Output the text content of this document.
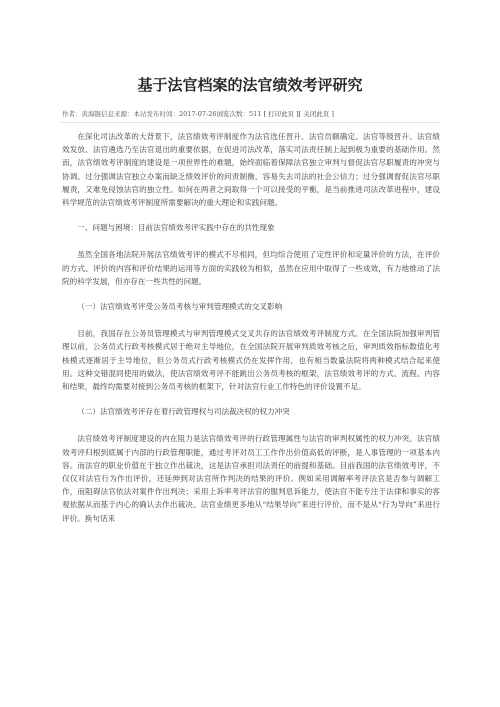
基于法官档案的法官绩效考评研究
作者：黄海锟信息来源：本站发布时间：2017-07-26浏览次数：511 [ 打印此页 ][ 关闭此页 ]

在深化司法改革的大背景下，法官绩效考评制度作为法官选任晋升、法官员额确定、法官等级晋升、法官绩效发放、法官遴选乃至法官退出的重要依据，在促进司法改革，落实司法责任制上起到极为重要的基础作用。然而，法官绩效考评制度的建设是一项世界性的难题，始终面临着保障法官独立审判与督促法官尽职履责的冲突与协调。过分强调法官独立办案而缺乏绩效评价的问责制衡，容易失去司法的社会公信力；过分强调督促法官尽职履责，又难免侵蚀法官的独立性。如何在两者之间取得一个可以接受的平衡，是当前推进司法改革进程中，建设科学规范的法官绩效考评制度所需要解决的重大理论和实践问题。

一、问题与困境：目前法官绩效考评实践中存在的共性现象

虽然全国各地法院开展法官绩效考评的模式不尽相同，但均综合使用了定性评价和定量评价的方法，在评价的方式、评价的内容和评价结果的运用等方面的实践较为相似，虽然在应用中取得了一些成效，有力地推动了法院的科学发展，但亦存在一些共性的问题。

（一）法官绩效考评受公务员考核与审判管理模式的交叉影响

目前，我国存在公务员管理模式与审判管理模式交叉共存的法官绩效考评制度方式。在全国法院加强审判管理以前，公务员式行政考核模式居于绝对主导地位，在全国法院开展审判质效考核之后，审判质效指标数值化考核模式逐渐居于主导地位，但公务员式行政考核模式仍在发挥作用，也有相当数量法院将两种模式结合起来使用。这种交错混同使用的做法，使法官绩效考评不能跳出公务员考核的框架，法官绩效考评的方式、流程、内容和结果，最终均需要对接到公务员考核的框架下，针对法官行业工作特色的评价设置不足。

（二）法官绩效考评存在着行政管理权与司法裁决权的权力冲突

法官绩效考评制度建设的内在阻力是法官绩效考评的行政管理属性与法官的审判权属性的权力冲突。法官绩效考评归根到底属于内部的行政管理职能，通过考评对员工工作作出价值高低的评断，是人事管理的一项基本内容。而法官的职业价值在于独立作出裁决，这是法官承担司法责任的前提和基础。目前我国的法官绩效考评，不仅仅对法官行为作出评价，还延伸到对法官所作判决的结果的评价。例如采用调解率考评法官是否参与调解工作，而阻碍法官依法对案件作出判决；采用上诉率考评法官的服判息诉能力，使法官不能专注于法律和事实的客观依据从而基于内心的确认去作出裁决。法官业绩更多地从“结果导向”来进行评价，而不是从“行为导向”来进行评价。换句话来
